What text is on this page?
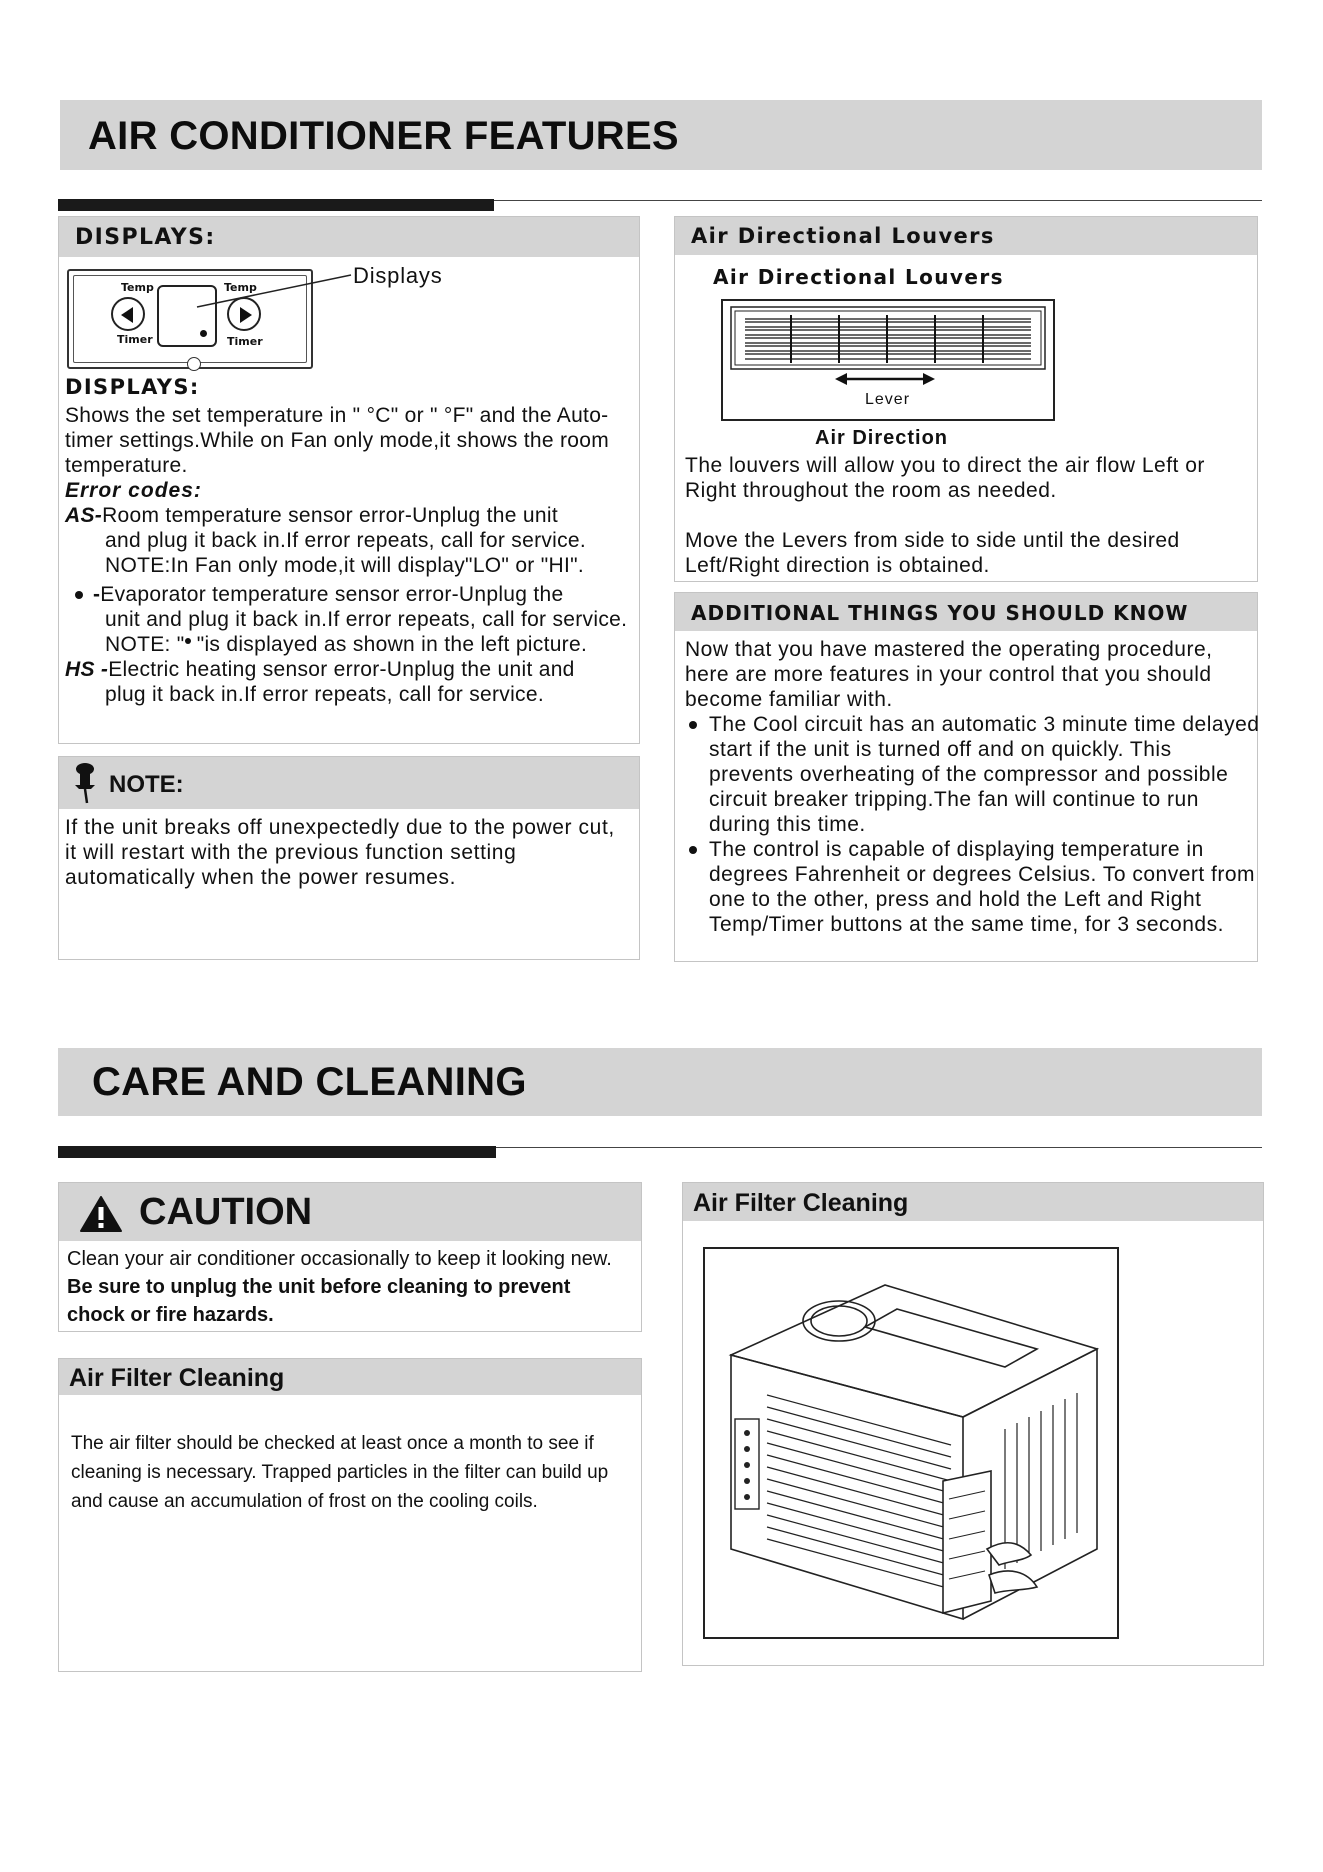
AIR CONDITIONER FEATURES
DISPLAYS:
Temp	Temp
Timer	Timer
Displays
DISPLAYS:

Shows the set temperature in " °C" or " °F" and the Auto-timer settings.While on Fan only mode,it shows the room temperature.

Error codes:

AS-Room temperature sensor error-Unplug the unit

and plug it back in.If error repeats, call for service.

NOTE:In Fan only mode,it will display"LO" or "HI".

-Evaporator temperature sensor error-Unplug the

unit and plug it back in.If error repeats, call for service.

NOTE: " "is displayed as shown in the left picture.

HS -Electric heating sensor error-Unplug the unit and

plug it back in.If error repeats, call for service.

NOTE:
If the unit breaks off unexpectedly due to the power cut, it will restart with the previous function setting automatically when the power resumes.
Air Directional Louvers
Air Directional Louvers
Lever
Air Direction

The louvers will allow you to direct the air flow Left or Right throughout the room as needed.

Move the Levers from side to side until the desired Left/Right direction is obtained.

ADDITIONAL THINGS YOU SHOULD KNOW

Now that you have mastered the operating procedure, here are more features in your control that you should become familiar with.

The Cool circuit has an automatic 3 minute time delayed start if the unit is turned off and on quickly. This prevents overheating of the compressor and possible circuit breaker tripping.The fan will continue to run during this time.

The control is capable of displaying temperature in degrees Fahrenheit or degrees Celsius. To convert from one to the other, press and hold the Left and Right Temp/Timer buttons at the same time, for 3 seconds.

CARE AND CLEANING
CAUTION
Clean your air conditioner occasionally to keep it looking new. Be sure to unplug the unit before cleaning to prevent chock or fire hazards.
Air Filter Cleaning
The air filter should be checked at least once a month to see if cleaning is necessary. Trapped particles in the filter can build up and cause an accumulation of frost on the cooling coils.
Air Filter Cleaning
